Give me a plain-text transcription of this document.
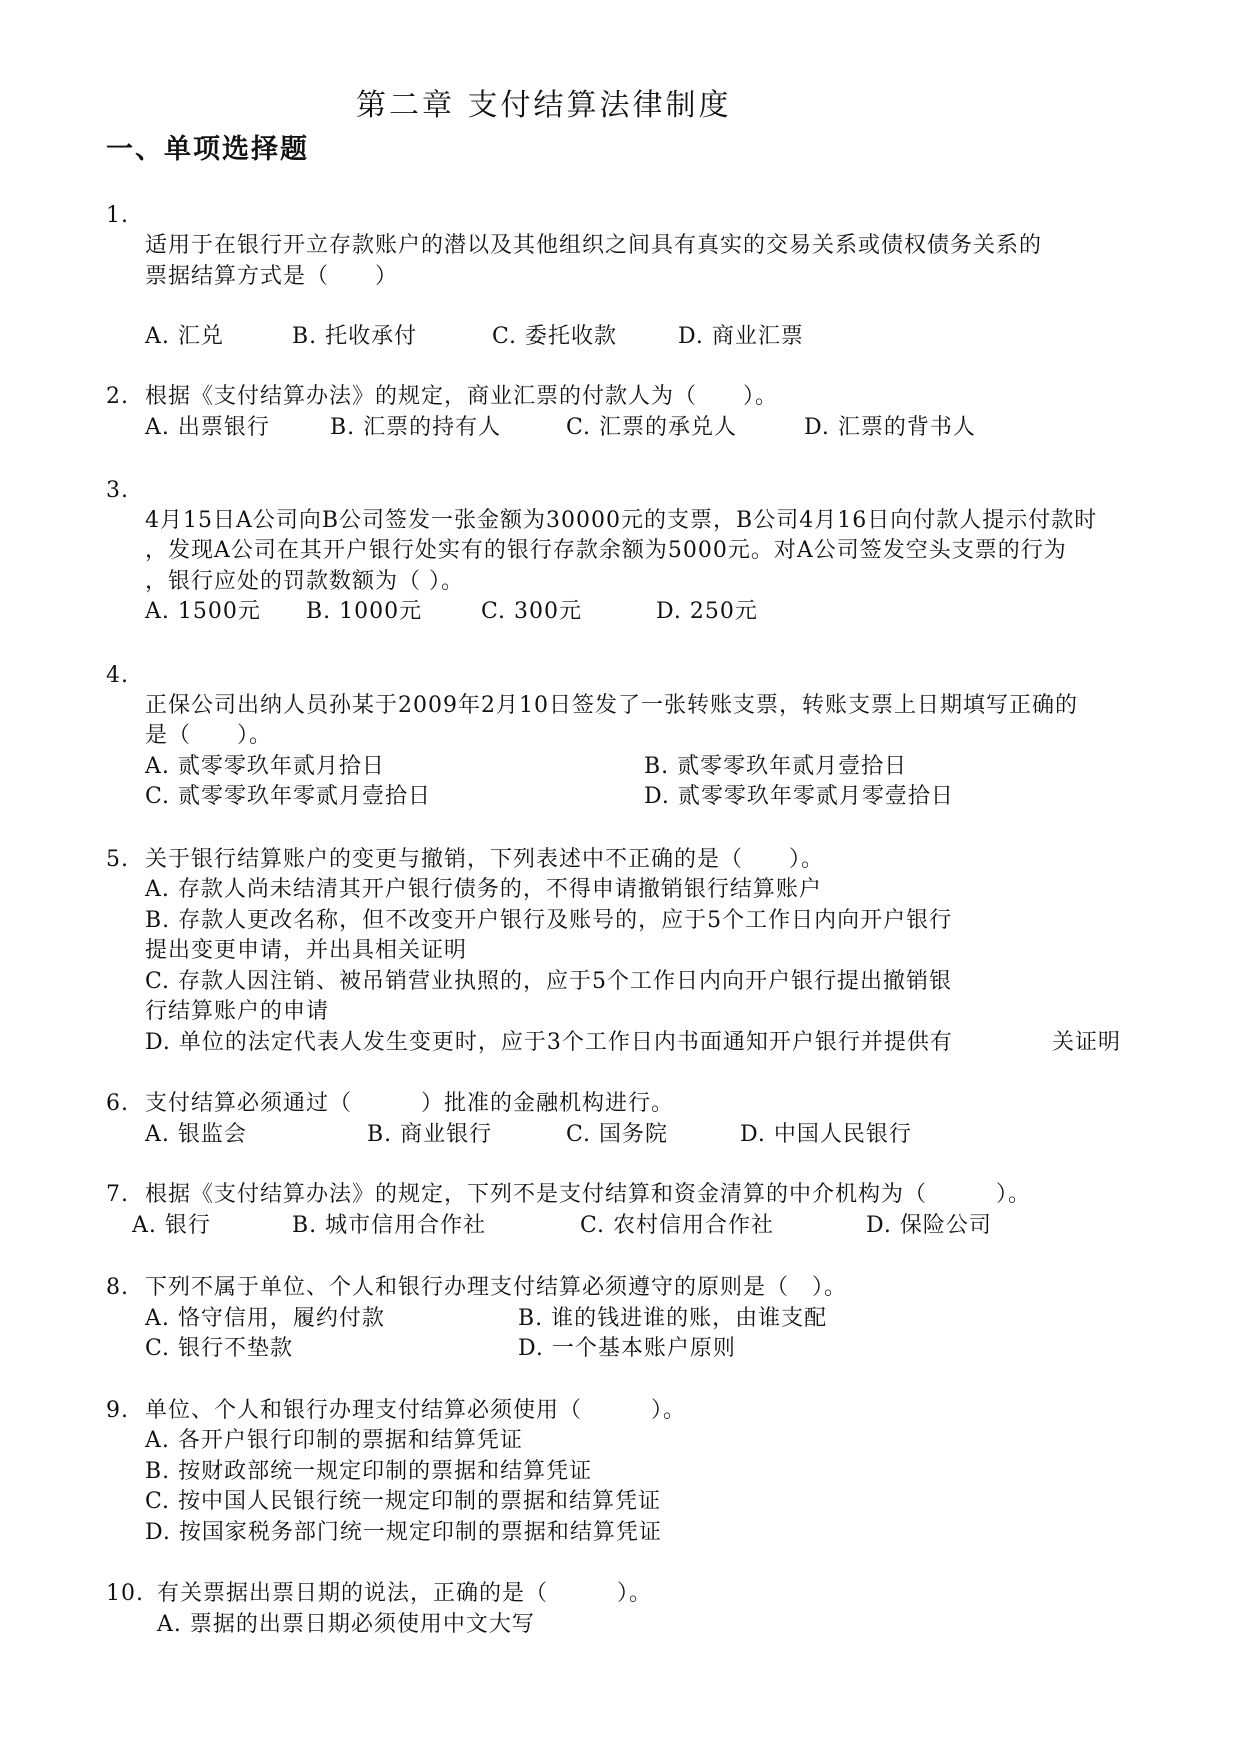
第二章 支付结算法律制度
一、单项选择题
1.
适用于在银行开立存款账户的潜以及其他组织之间具有真实的交易关系或债权债务关系的
票据结算方式是（　　）
A. 汇兑	B. 托收承付	C. 委托收款	D. 商业汇票
2. 根据《支付结算办法》的规定，商业汇票的付款人为（　　）。
A. 出票银行	B. 汇票的持有人	C. 汇票的承兑人	D. 汇票的背书人
3.
4月15日A公司向B公司签发一张金额为30000元的支票，B公司4月16日向付款人提示付款时
，发现A公司在其开户银行处实有的银行存款余额为5000元。对A公司签发空头支票的行为
，银行应处的罚款数额为（ ）。
A. 1500元 B. 1000元	C. 300元	D. 250元
4.
正保公司出纳人员孙某于2009年2月10日签发了一张转账支票，转账支票上日期填写正确的
是（　　）。
A. 贰零零玖年贰月拾日	B. 贰零零玖年贰月壹拾日
C. 贰零零玖年零贰月壹拾日	D. 贰零零玖年零贰月零壹拾日
5. 关于银行结算账户的变更与撤销，下列表述中不正确的是（　　）。
A. 存款人尚未结清其开户银行债务的，不得申请撤销银行结算账户
B. 存款人更改名称，但不改变开户银行及账号的，应于5个工作日内向开户银行
提出变更申请，并出具相关证明
C. 存款人因注销、被吊销营业执照的，应于5个工作日内向开户银行提出撤销银
行结算账户的申请
D. 单位的法定代表人发生变更时，应于3个工作日内书面通知开户银行并提供有	关证明
6. 支付结算必须通过（　　　）批准的金融机构进行。
A. 银监会	B. 商业银行	C. 国务院	D. 中国人民银行
7. 根据《支付结算办法》的规定，下列不是支付结算和资金清算的中介机构为（　　　）。
A. 银行	B. 城市信用合作社	C. 农村信用合作社	D. 保险公司
8. 下列不属于单位、个人和银行办理支付结算必须遵守的原则是（　）。
A. 恪守信用，履约付款	B. 谁的钱进谁的账，由谁支配
C. 银行不垫款	D. 一个基本账户原则
9. 单位、个人和银行办理支付结算必须使用（　　　）。
A. 各开户银行印制的票据和结算凭证
B. 按财政部统一规定印制的票据和结算凭证
C. 按中国人民银行统一规定印制的票据和结算凭证
D. 按国家税务部门统一规定印制的票据和结算凭证
10. 有关票据出票日期的说法，正确的是（　　　）。
A. 票据的出票日期必须使用中文大写
